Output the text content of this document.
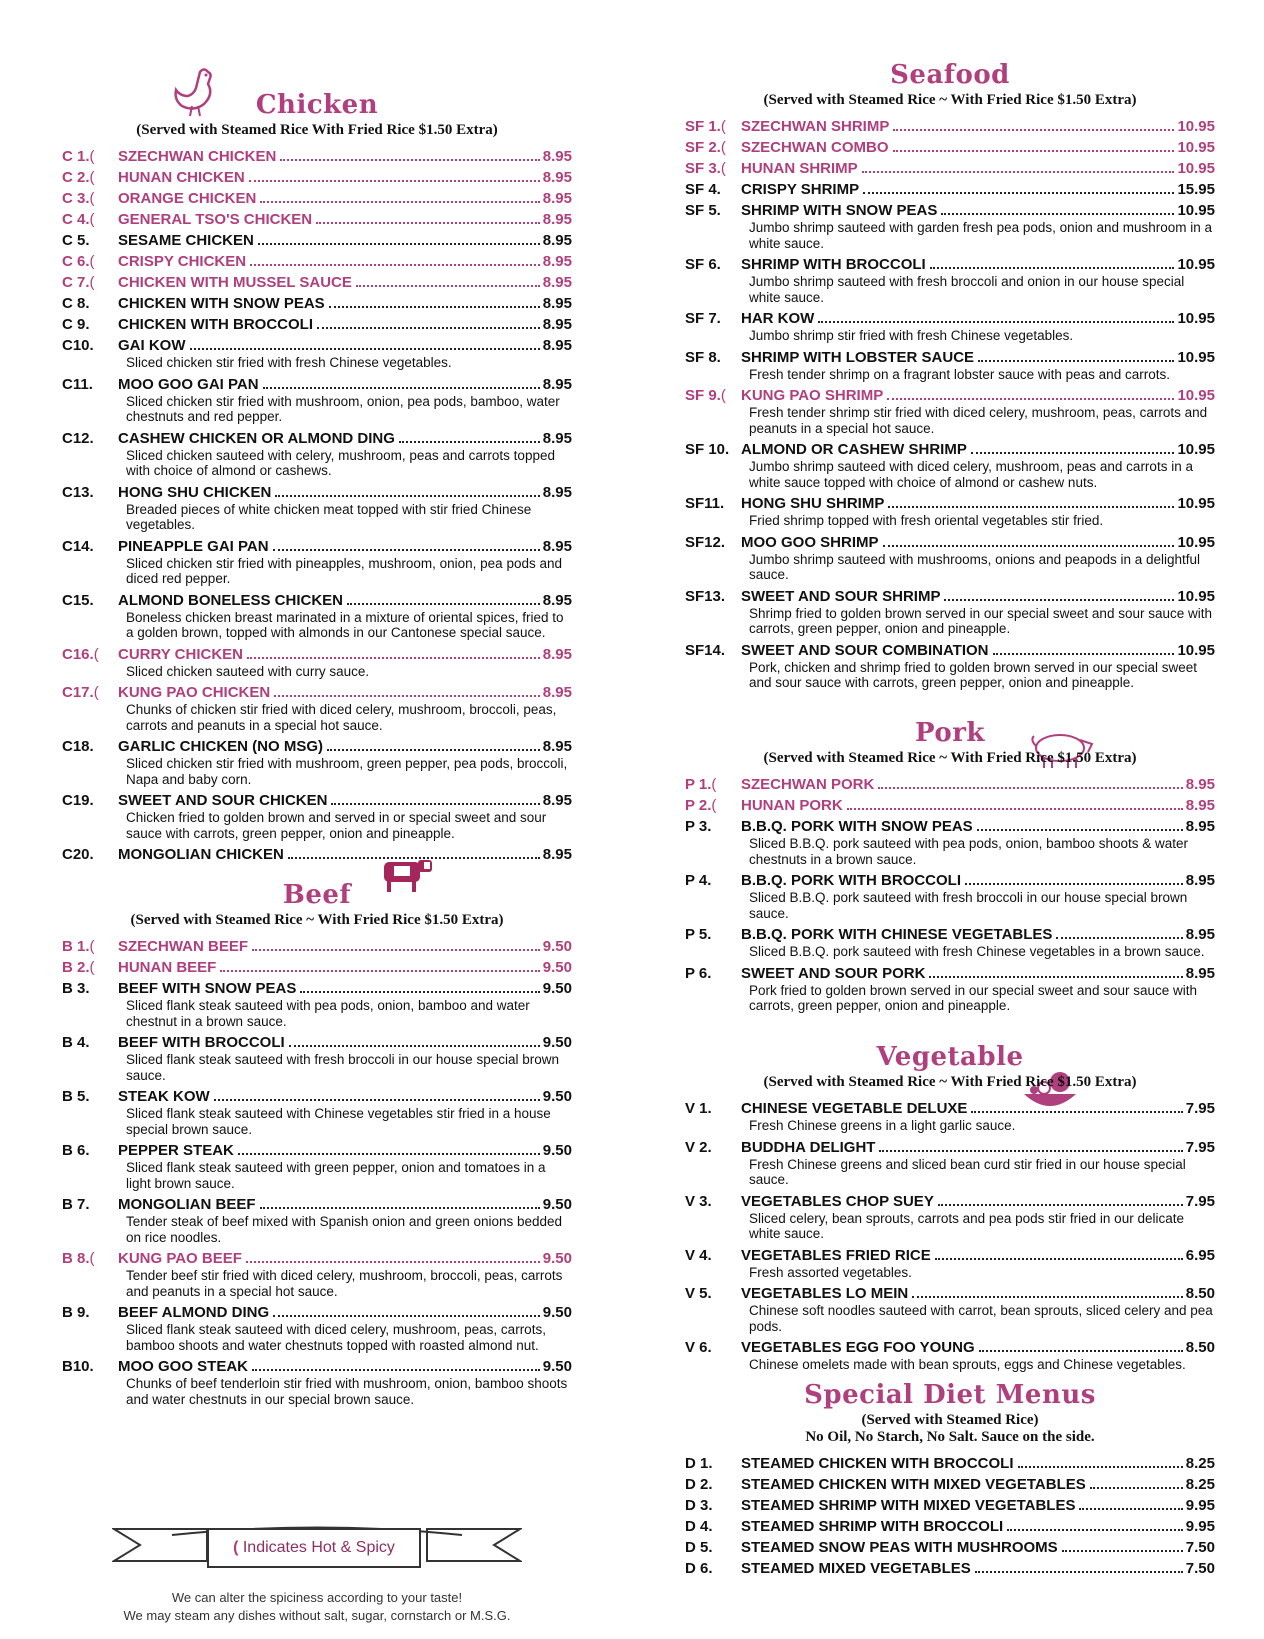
Chicken
(Served with Steamed Rice With Fried Rice $1.50 Extra)
C 1.(	SZECHWAN CHICKEN	8.95
C 2.(	HUNAN CHICKEN	8.95
C 3.(	ORANGE CHICKEN	8.95
C 4.(	GENERAL TSO'S CHICKEN	8.95
C 5.	SESAME CHICKEN	8.95
C 6.(	CRISPY CHICKEN	8.95
C 7.(	CHICKEN WITH MUSSEL SAUCE	8.95
C 8.	CHICKEN WITH SNOW PEAS	8.95
C 9.	CHICKEN WITH BROCCOLI	8.95
C10.	GAI KOW	8.95
Sliced chicken stir fried with fresh Chinese vegetables.
C11.	MOO GOO GAI PAN	8.95
Sliced chicken stir fried with mushroom, onion, pea pods, bamboo, water chestnuts and red pepper.
C12.	CASHEW CHICKEN OR ALMOND DING	8.95
Sliced chicken sauteed with celery, mushroom, peas and carrots topped with choice of almond or cashews.
C13.	HONG SHU CHICKEN	8.95
Breaded pieces of white chicken meat topped with stir fried Chinese vegetables.
C14.	PINEAPPLE GAI PAN	8.95
Sliced chicken stir fried with pineapples, mushroom, onion, pea pods and diced red pepper.
C15.	ALMOND BONELESS CHICKEN	8.95
Boneless chicken breast marinated in a mixture of oriental spices, fried to a golden brown, topped with almonds in our Cantonese special sauce.
C16.(	CURRY CHICKEN	8.95
Sliced chicken sauteed with curry sauce.
C17.(	KUNG PAO CHICKEN	8.95
Chunks of chicken stir fried with diced celery, mushroom, broccoli, peas, carrots and peanuts in a special hot sauce.
C18.	GARLIC CHICKEN (NO MSG)	8.95
Sliced chicken stir fried with mushroom, green pepper, pea pods, broccoli, Napa and baby corn.
C19.	SWEET AND SOUR CHICKEN	8.95
Chicken fried to golden brown and served in or special sweet and sour sauce with carrots, green pepper, onion and pineapple.
C20.	MONGOLIAN CHICKEN	8.95
Beef
(Served with Steamed Rice ~ With Fried Rice $1.50 Extra)
B 1.(	SZECHWAN BEEF	9.50
B 2.(	HUNAN BEEF	9.50
B 3.	BEEF WITH SNOW PEAS	9.50
Sliced flank steak sauteed with pea pods, onion, bamboo and water chestnut in a brown sauce.
B 4.	BEEF WITH BROCCOLI	9.50
Sliced flank steak sauteed with fresh broccoli in our house special brown sauce.
B 5.	STEAK KOW	9.50
Sliced flank steak sauteed with Chinese vegetables stir fried in a house special brown sauce.
B 6.	PEPPER STEAK	9.50
Sliced flank steak sauteed with green pepper, onion and tomatoes in a light brown sauce.
B 7.	MONGOLIAN BEEF	9.50
Tender steak of beef mixed with Spanish onion and green onions bedded on rice noodles.
B 8.(	KUNG PAO BEEF	9.50
Tender beef stir fried with diced celery, mushroom, broccoli, peas, carrots and peanuts in a special hot sauce.
B 9.	BEEF ALMOND DING	9.50
Sliced flank steak sauteed with diced celery, mushroom, peas, carrots, bamboo shoots and water chestnuts topped with roasted almond nut.
B10.	MOO GOO STEAK	9.50
Chunks of beef tenderloin stir fried with mushroom, onion, bamboo shoots and water chestnuts in our special brown sauce.
( Indicates Hot & Spicy
We can alter the spiciness according to your taste!
We may steam any dishes without salt, sugar, cornstarch or M.S.G.
Seafood
(Served with Steamed Rice ~ With Fried Rice $1.50 Extra)
SF 1.(	SZECHWAN SHRIMP	10.95
SF 2.(	SZECHWAN COMBO	10.95
SF 3.(	HUNAN SHRIMP	10.95
SF 4.	CRISPY SHRIMP	15.95
SF 5.	SHRIMP WITH SNOW PEAS	10.95
Jumbo shrimp sauteed with garden fresh pea pods, onion and mushroom in a white sauce.
SF 6.	SHRIMP WITH BROCCOLI	10.95
Jumbo shrimp sauteed with fresh broccoli and onion in our house special white sauce.
SF 7.	HAR KOW	10.95
Jumbo shrimp stir fried with fresh Chinese vegetables.
SF 8.	SHRIMP WITH LOBSTER SAUCE	10.95
Fresh tender shrimp on a fragrant lobster sauce with peas and carrots.
SF 9.(	KUNG PAO SHRIMP	10.95
Fresh tender shrimp stir fried with diced celery, mushroom, peas, carrots and peanuts in a special hot sauce.
SF 10. ALMOND OR CASHEW SHRIMP	10.95
Jumbo shrimp sauteed with diced celery, mushroom, peas and carrots in a white sauce topped with choice of almond or cashew nuts.
SF11.	HONG SHU SHRIMP	10.95
Fried shrimp topped with fresh oriental vegetables stir fried.
SF12.	MOO GOO SHRIMP	10.95
Jumbo shrimp sauteed with mushrooms, onions and peapods in a delightful sauce.
SF13.	SWEET AND SOUR SHRIMP	10.95
Shrimp fried to golden brown served in our special sweet and sour sauce with carrots, green pepper, onion and pineapple.
SF14.	SWEET AND SOUR COMBINATION	10.95
Pork, chicken and shrimp fried to golden brown served in our special sweet and sour sauce with carrots, green pepper, onion and pineapple.
Pork
(Served with Steamed Rice ~ With Fried Rice $1.50 Extra)
P 1.(	SZECHWAN PORK	8.95
P 2.(	HUNAN PORK	8.95
P 3.	B.B.Q. PORK WITH SNOW PEAS	8.95
Sliced B.B.Q. pork sauteed with pea pods, onion, bamboo shoots & water chestnuts in a brown sauce.
P 4.	B.B.Q. PORK WITH BROCCOLI	8.95
Sliced B.B.Q. pork sauteed with fresh broccoli in our house special brown sauce.
P 5.	B.B.Q. PORK WITH CHINESE VEGETABLES	8.95
Sliced B.B.Q. pork sauteed with fresh Chinese vegetables in a brown sauce.
P 6.	SWEET AND SOUR PORK	8.95
Pork fried to golden brown served in our special sweet and sour sauce with carrots, green pepper, onion and pineapple.
Vegetable
(Served with Steamed Rice ~ With Fried Rice $1.50 Extra)
V 1.	CHINESE VEGETABLE DELUXE	7.95
Fresh Chinese greens in a light garlic sauce.
V 2.	BUDDHA DELIGHT	7.95
Fresh Chinese greens and sliced bean curd stir fried in our house special sauce.
V 3.	VEGETABLES CHOP SUEY	7.95
Sliced celery, bean sprouts, carrots and pea pods stir fried in our delicate white sauce.
V 4.	VEGETABLES FRIED RICE	6.95
Fresh assorted vegetables.
V 5.	VEGETABLES LO MEIN	8.50
Chinese soft noodles sauteed with carrot, bean sprouts, sliced celery and pea pods.
V 6.	VEGETABLES EGG FOO YOUNG	8.50
Chinese omelets made with bean sprouts, eggs and Chinese vegetables.
Special Diet Menus
(Served with Steamed Rice)
No Oil, No Starch, No Salt. Sauce on the side.
D 1.	STEAMED CHICKEN WITH BROCCOLI	8.25
D 2.	STEAMED CHICKEN WITH MIXED VEGETABLES	8.25
D 3.	STEAMED SHRIMP WITH MIXED VEGETABLES	9.95
D 4.	STEAMED SHRIMP WITH BROCCOLI	9.95
D 5.	STEAMED SNOW PEAS WITH MUSHROOMS	7.50
D 6.	STEAMED MIXED VEGETABLES	7.50
